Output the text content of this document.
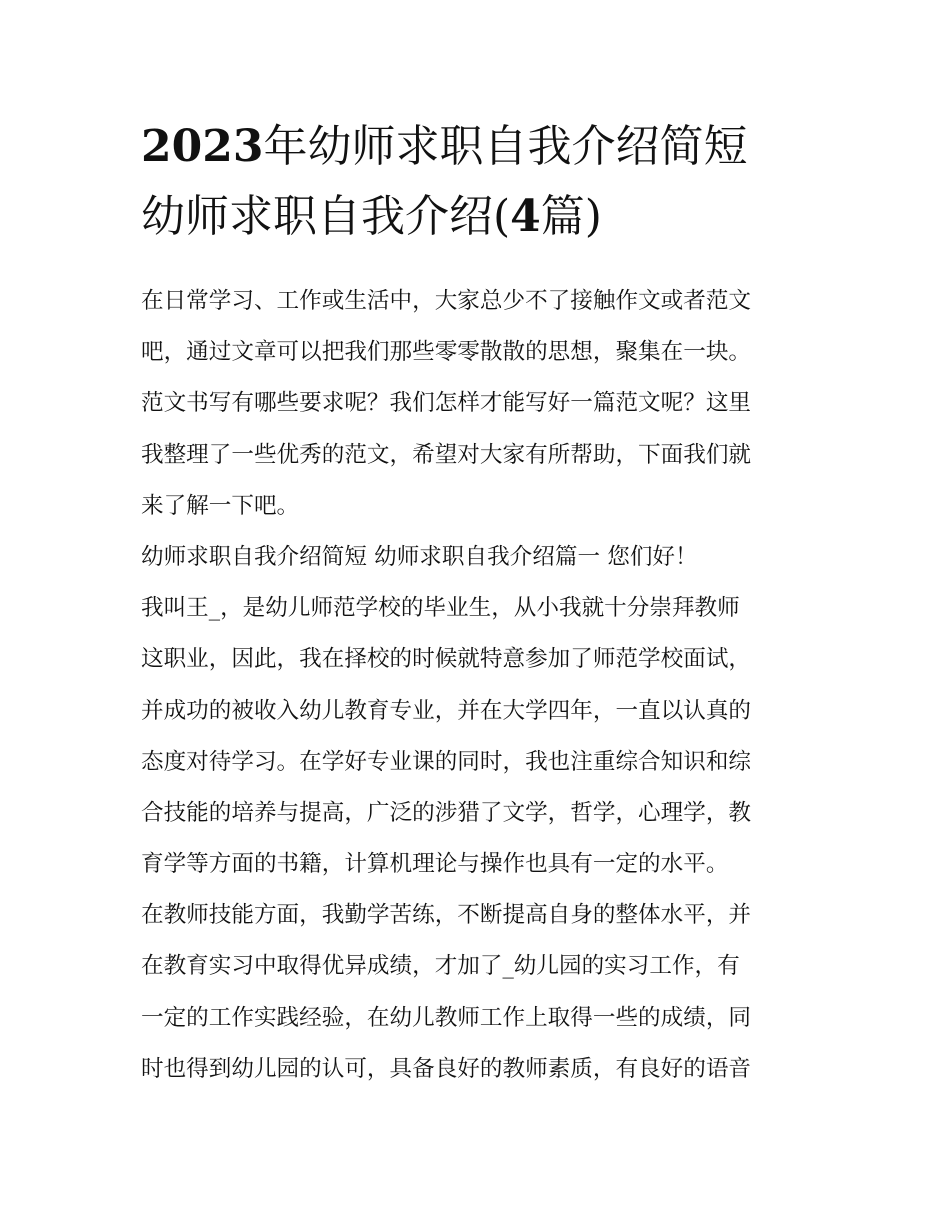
2023年幼师求职自我介绍简短
幼师求职自我介绍(4篇)

在日常学习、工作或生活中，大家总少不了接触作文或者范文
吧，通过文章可以把我们那些零零散散的思想，聚集在一块。
范文书写有哪些要求呢？我们怎样才能写好一篇范文呢？这里
我整理了一些优秀的范文，希望对大家有所帮助，下面我们就
来了解一下吧。

幼师求职自我介绍简短 幼师求职自我介绍篇一 您们好！

我叫王_，是幼儿师范学校的毕业生，从小我就十分崇拜教师
这职业，因此，我在择校的时候就特意参加了师范学校面试，
并成功的被收入幼儿教育专业，并在大学四年，一直以认真的
态度对待学习。在学好专业课的同时，我也注重综合知识和综
合技能的培养与提高，广泛的涉猎了文学，哲学，心理学，教
育学等方面的书籍，计算机理论与操作也具有一定的水平。

在教师技能方面，我勤学苦练，不断提高自身的整体水平，并
在教育实习中取得优异成绩，才加了_幼儿园的实习工作，有
一定的工作实践经验，在幼儿教师工作上取得一些的成绩，同
时也得到幼儿园的认可，具备良好的教师素质，有良好的语音
